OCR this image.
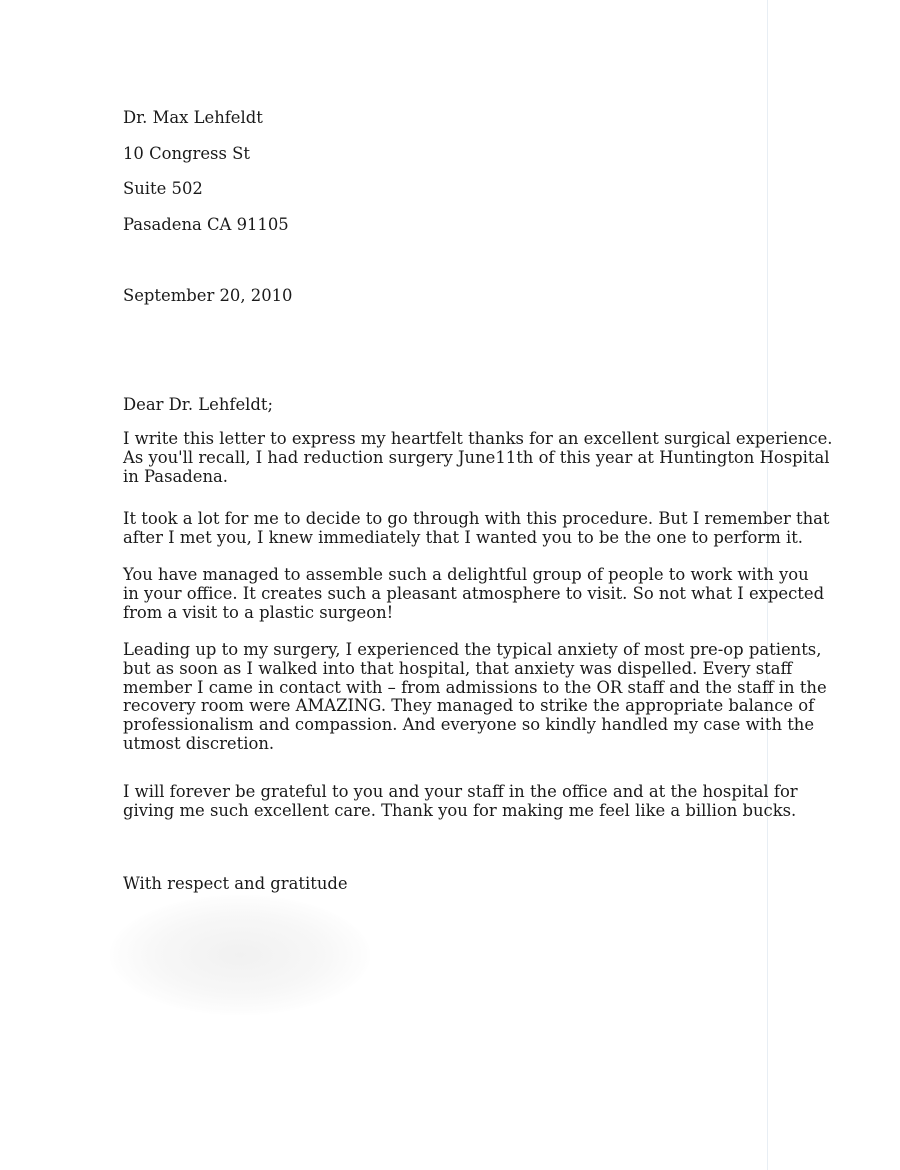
Dr. Max Lehfeldt

10 Congress St

Suite 502

Pasadena CA 91105

September 20, 2010

Dear Dr. Lehfeldt;

I write this letter to express my heartfelt thanks for an excellent surgical experience.
As you'll recall, I had reduction surgery June11th of this year at Huntington Hospital
in Pasadena.
It took a lot for me to decide to go through with this procedure. But I remember that
after I met you, I knew immediately that I wanted you to be the one to perform it.
You have managed to assemble such a delightful group of people to work with you
in your office. It creates such a pleasant atmosphere to visit. So not what I expected
from a visit to a plastic surgeon!
Leading up to my surgery, I experienced the typical anxiety of most pre-op patients,
but as soon as I walked into that hospital, that anxiety was dispelled. Every staff
member I came in contact with – from admissions to the OR staff and the staff in the
recovery room were AMAZING. They managed to strike the appropriate balance of
professionalism and compassion. And everyone so kindly handled my case with the
utmost discretion.
I will forever be grateful to you and your staff in the office and at the hospital for
giving me such excellent care. Thank you for making me feel like a billion bucks.

With respect and gratitude
